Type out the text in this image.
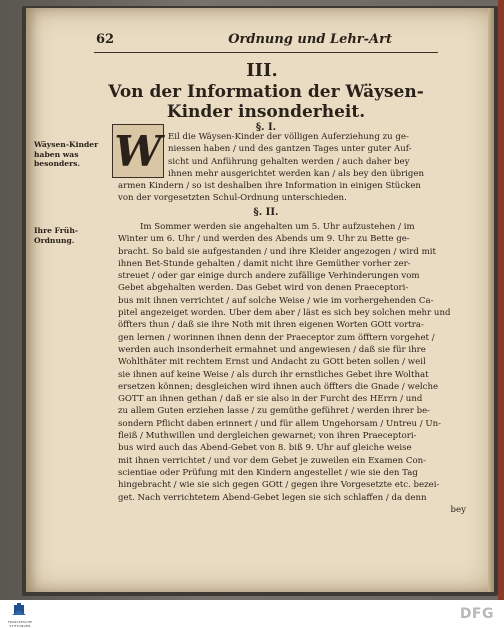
62	Ordnung und Lehr-Art
III.
Von der Information der Wäysen-
Kinder insonderheit.
§. I.
Wäysen-Kinder haben was besonders. W Eil die Wäysen-Kinder der völligen Auferziehung zu ge-

niessen haben / und des gantzen Tages unter guter Auf-

sicht und Anführung gehalten werden / auch daher bey

ihnen mehr ausgerichtet werden kan / als bey den übrigen

armen Kindern / so ist deshalben ihre Information in einigen Stücken

von der vorgesetzten Schul-Ordnung unterschieden.

§. II.
Ihre Früh-Ordnung.

Im Sommer werden sie angehalten um 5. Uhr aufzustehen / im

Winter um 6. Uhr / und werden des Abends um 9. Uhr zu Bette ge-

bracht. So bald sie aufgestanden / und ihre Kleider angezogen / wird mit

ihnen Bet-Stunde gehalten / damit nicht ihre Gemüther vorher zer-

streuet / oder gar einige durch andere zufällige Verhinderungen vom

Gebet abgehalten werden. Das Gebet wird von denen Praeceptori-

bus mit ihnen verrichtet / auf solche Weise / wie im vorhergehenden Ca-

pitel angezeiget worden. Uber dem aber / läst es sich bey solchen mehr und

öffters thun / daß sie ihre Noth mit ihren eigenen Worten GOtt vortra-

gen lernen / worinnen ihnen denn der Praeceptor zum öfftern vorgehet /

werden auch insonderheit ermahnet und angewiesen / daß sie für ihre

Wohlthäter mit rechtem Ernst und Andacht zu GOtt beten sollen / weil

sie ihnen auf keine Weise / als durch ihr ernstliches Gebet ihre Wolthat

ersetzen können; desgleichen wird ihnen auch öffters die Gnade / welche

GOTT an ihnen gethan / daß er sie also in der Furcht des HErrn / und

zu allem Guten erziehen lasse / zu gemüthe geführet / werden ihrer be-

sondern Pflicht daben erinnert / und für allem Ungehorsam / Untreu / Un-

fleiß / Muthwillen und dergleichen gewarnet; von ihren Praeceptori-

bus wird auch das Abend-Gebet von 8. biß 9. Uhr auf gleiche weise

mit ihnen verrichtet / und vor dem Gebet je zuweilen ein Examen Con-

scientiae oder Prüfung mit den Kindern angestellet / wie sie den Tag

hingebracht / wie sie sich gegen GOtt / gegen ihre Vorgesetzte etc. bezei-

get. Nach verrichtetem Abend-Gebet legen sie sich schlaffen / da denn

bey

FRANCKESCHE STIFTUNGEN
DFG
